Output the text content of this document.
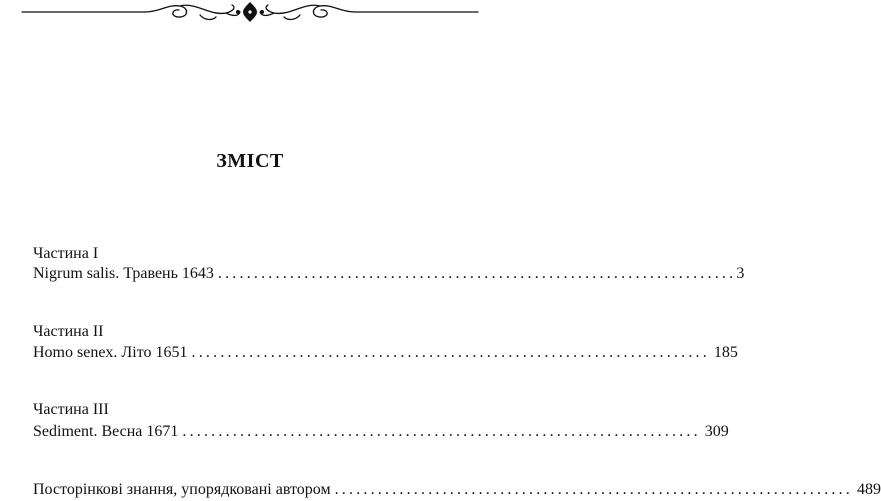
ЗМІСТ
Частина I
Nigrum salis. Травень 1643 ........................................................................ 3
Частина II
Homo senex. Літо 1651 ........................................................................ 185
Частина III
Sediment. Весна 1671 ........................................................................ 309
Посторінкові знання, упорядковані автором ........................................................................ 489
